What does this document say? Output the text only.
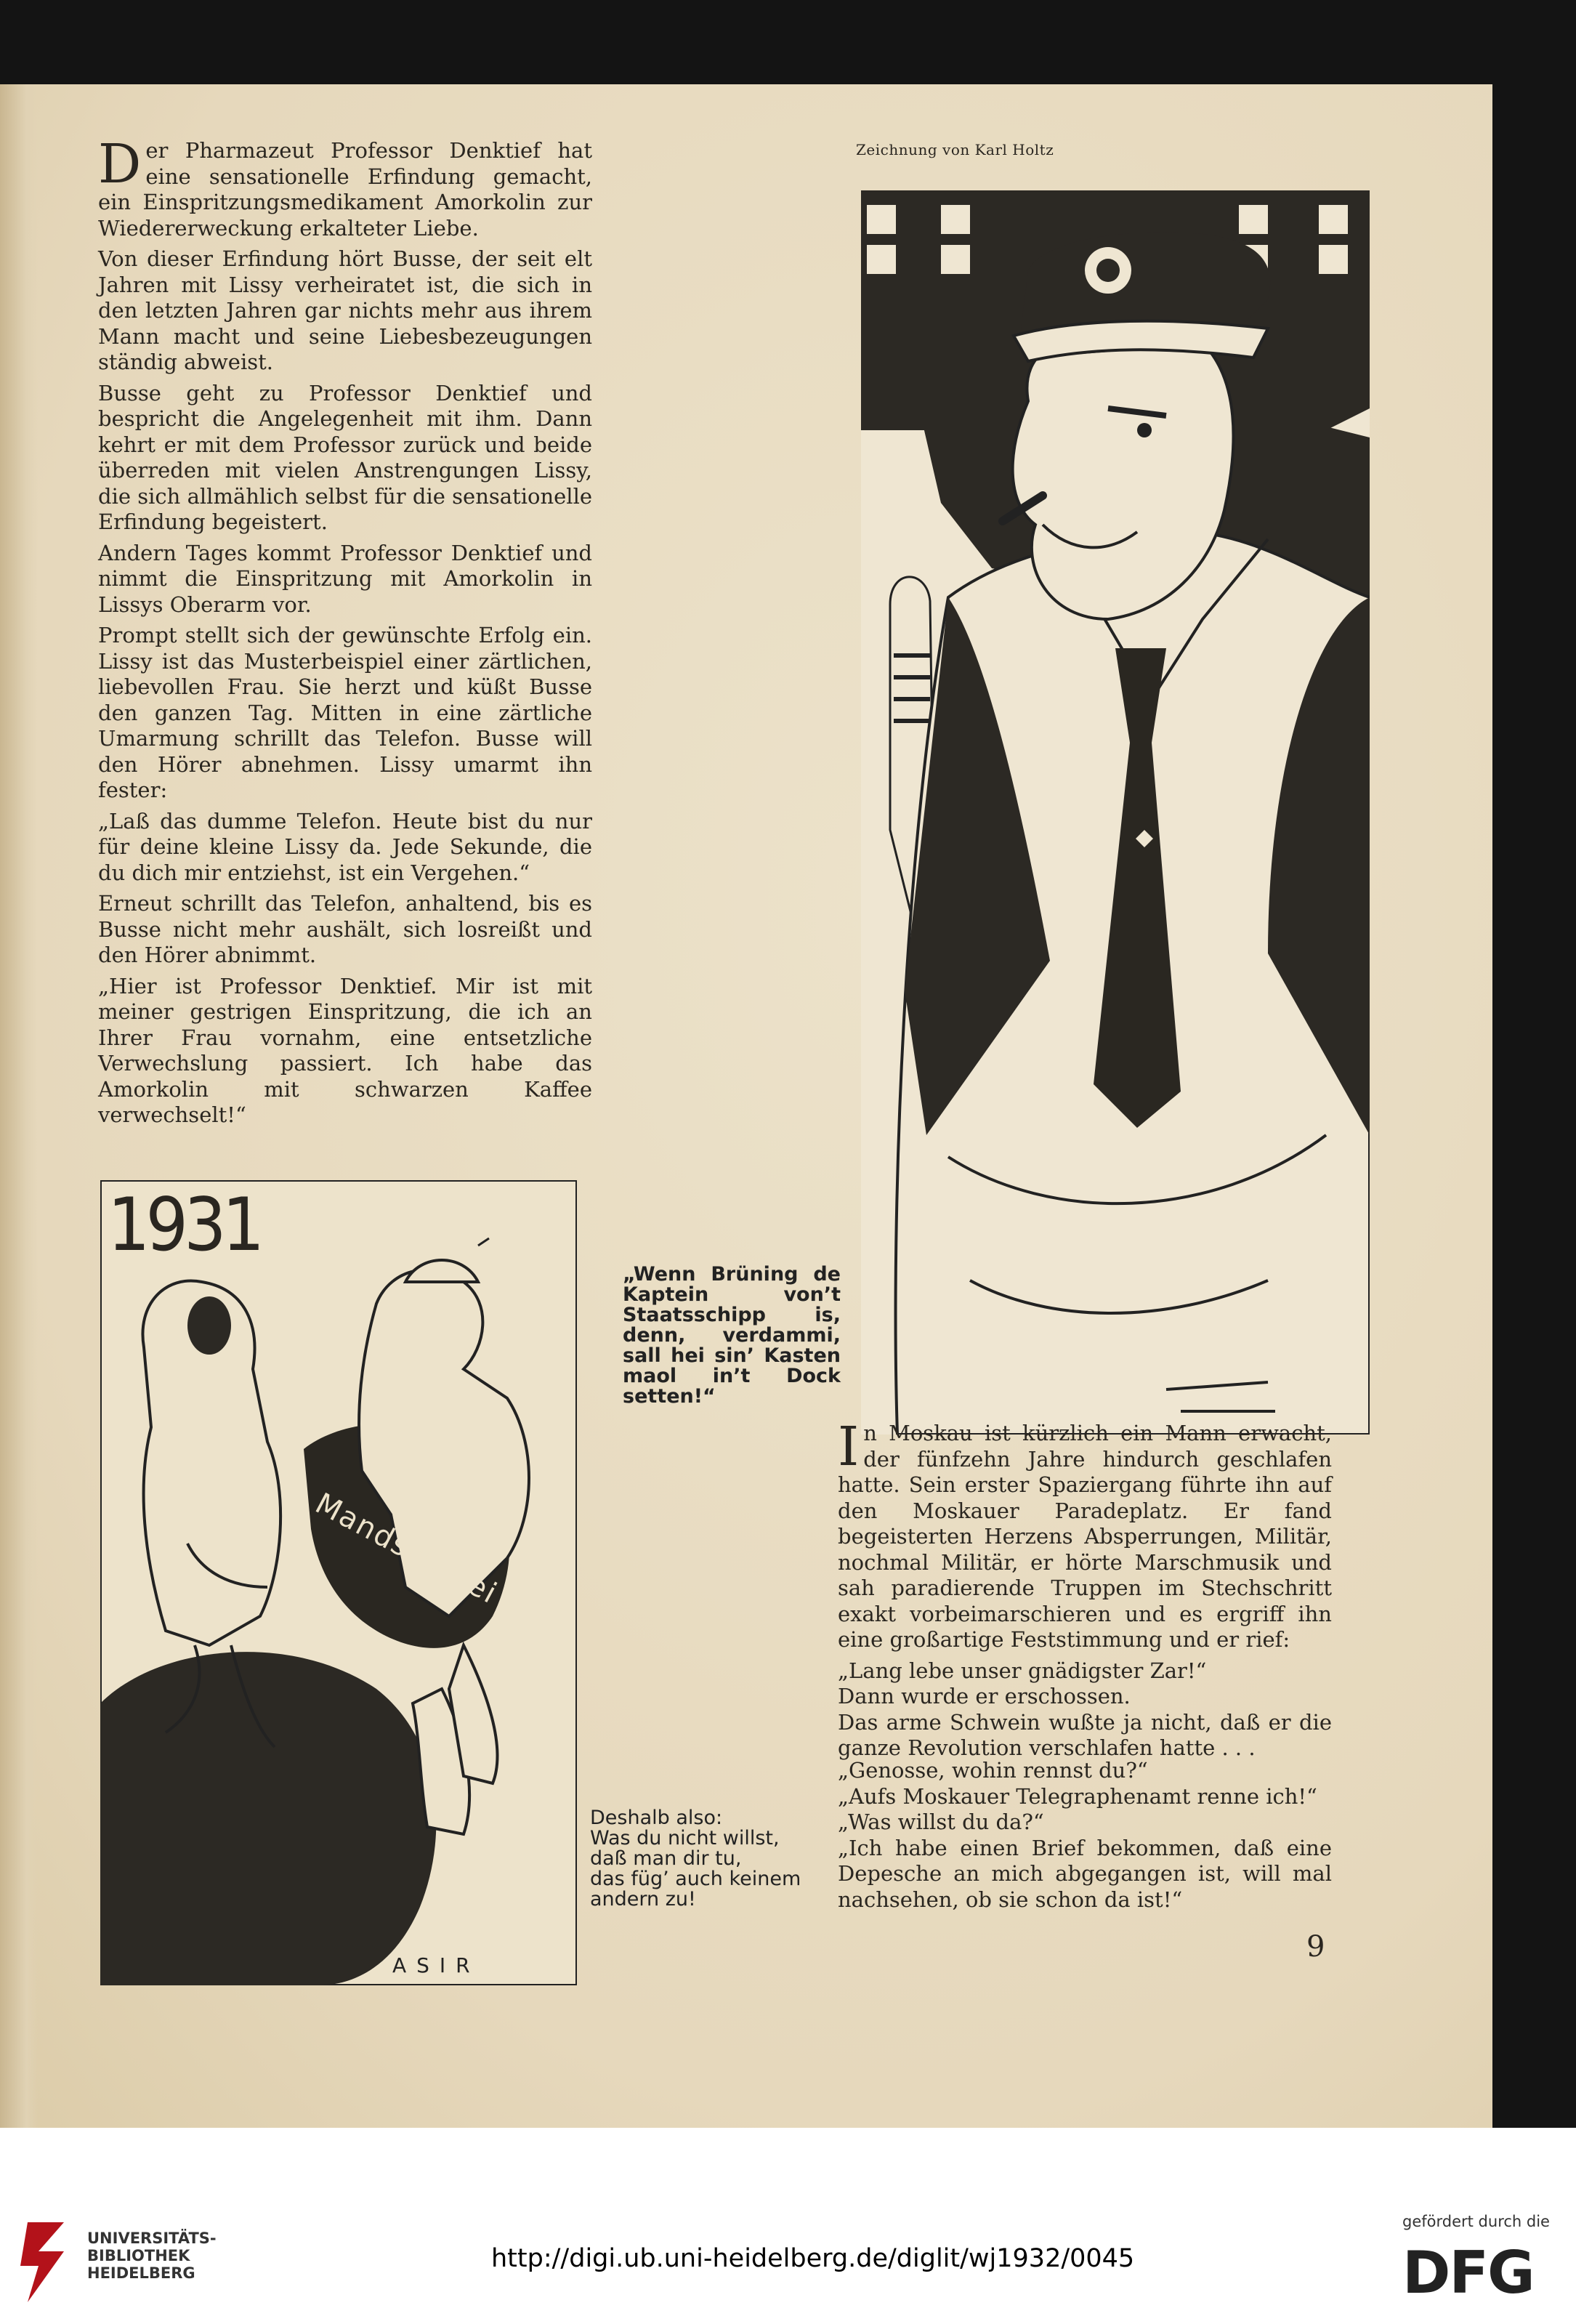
Der Pharmazeut Professor Denktief hat eine sensationelle Erfindung gemacht, ein Einspritzungsmedikament Amorkolin zur Wiedererweckung erkalteter Liebe.

Von dieser Erfindung hört Busse, der seit elt Jahren mit Lissy verheiratet ist, die sich in den letzten Jahren gar nichts mehr aus ihrem Mann macht und seine Liebesbezeugungen ständig abweist.

Busse geht zu Professor Denktief und bespricht die Angelegenheit mit ihm. Dann kehrt er mit dem Professor zurück und beide überreden mit vielen Anstrengungen Lissy, die sich allmählich selbst für die sensationelle Erfindung begeistert.

Andern Tages kommt Professor Denktief und nimmt die Einspritzung mit Amorkolin in Lissys Oberarm vor.

Prompt stellt sich der gewünschte Erfolg ein. Lissy ist das Musterbeispiel einer zärtlichen, liebevollen Frau. Sie herzt und küßt Busse den ganzen Tag. Mitten in eine zärtliche Umarmung schrillt das Telefon. Busse will den Hörer abnehmen. Lissy umarmt ihn fester:

„Laß das dumme Telefon. Heute bist du nur für deine kleine Lissy da. Jede Sekunde, die du dich mir entziehst, ist ein Vergehen.“

Erneut schrillt das Telefon, anhaltend, bis es Busse nicht mehr aushält, sich losreißt und den Hörer abnimmt.

„Hier ist Professor Denktief. Mir ist mit meiner gestrigen Einspritzung, die ich an Ihrer Frau vornahm, eine entsetzliche Verwechslung passiert. Ich habe das Amorkolin mit schwarzen Kaffee verwechselt!“

Zeichnung von Karl Holtz
1931
Mandschurei
ASIR
„Wenn Brüning de Kaptein von’t Staatsschipp is, denn, verdammi, sall hei sin’ Kasten maol in’t Dock setten!“
Deshalb also:
Was du nicht willst,
daß man dir tu,
das füg’ auch keinem
andern zu!

In Moskau ist kürzlich ein Mann erwacht, der fünfzehn Jahre hindurch geschlafen hatte. Sein erster Spaziergang führte ihn auf den Moskauer Paradeplatz. Er fand begeisterten Herzens Absperrungen, Militär, nochmal Militär, er hörte Marschmusik und sah paradierende Truppen im Stechschritt exakt vorbeimarschieren und es ergriff ihn eine großartige Feststimmung und er rief:

„Lang lebe unser gnädigster Zar!“

Dann wurde er erschossen.

Das arme Schwein wußte ja nicht, daß er die ganze Revolution verschlafen hatte . . .

„Genosse, wohin rennst du?“

„Aufs Moskauer Telegraphenamt renne ich!“

„Was willst du da?“

„Ich habe einen Brief bekommen, daß eine Depesche an mich abgegangen ist, will mal nachsehen, ob sie schon da ist!“

9
UNIVERSITÄTS-
BIBLIOTHEK
HEIDELBERG	http://digi.ub.uni-heidelberg.de/diglit/wj1932/0045
gefördert durch die
DFG
